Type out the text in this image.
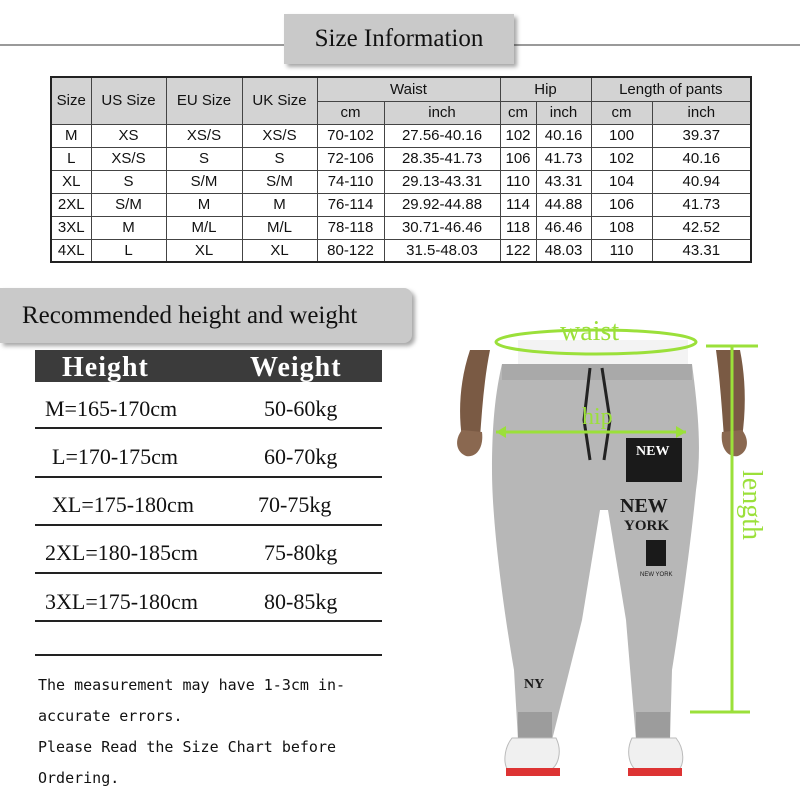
Size Information
Size	US Size	EU Size	UK Size	Waist		Hip		Length of pants	
				cm	inch	cm	inch	cm	inch
M	XS	XS/S	XS/S	70-102	27.56-40.16	102	40.16	100	39.37
L	XS/S	S	S	72-106	28.35-41.73	106	41.73	102	40.16
XL	S	S/M	S/M	74-110	29.13-43.31	110	43.31	104	40.94
2XL	S/M	M	M	76-114	29.92-44.88	114	44.88	106	41.73
3XL	M	M/L	M/L	78-118	30.71-46.46	118	46.46	108	42.52
4XL	L	XL	XL	80-122	31.5-48.03	122	48.03	110	43.31
Recommended height and weight
Height	Weight
M=165-170cm	50-60kg
L=170-175cm	60-70kg
XL=175-180cm	70-75kg
2XL=180-185cm	75-80kg
3XL=175-180cm	80-85kg
The measurement may have 1-3cm in-
accurate errors.
Please Read the Size Chart before
Ordering.
NEW
NEW
YORK
NEW YORK
NY
waist
hip
length
